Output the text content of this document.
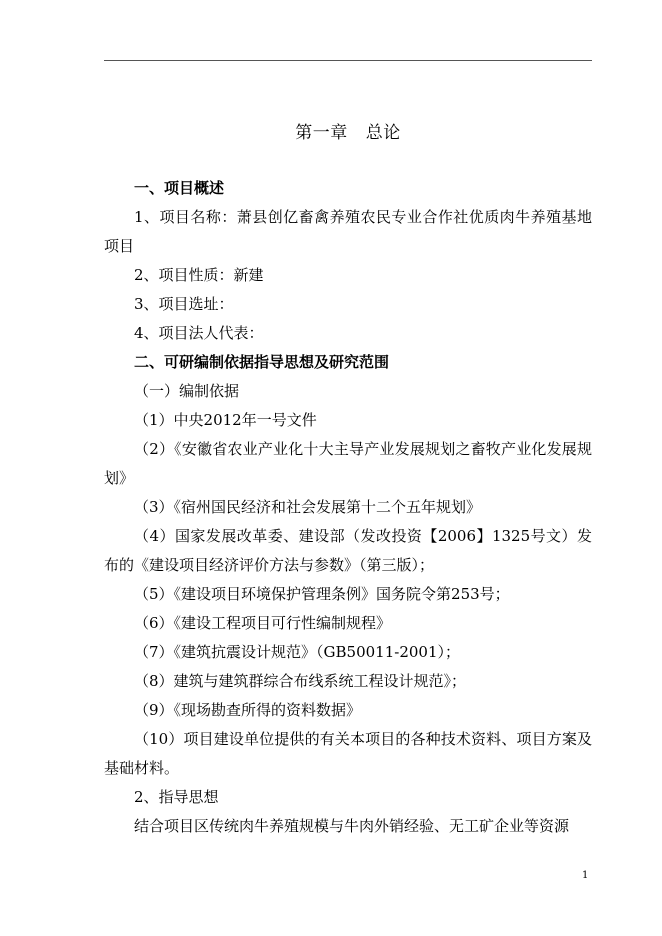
第一章 总论

一、项目概述

1、项目名称：萧县创亿畜禽养殖农民专业合作社优质肉牛养殖基地项目

2、项目性质：新建

3、项目选址：

4、项目法人代表：

二、可研编制依据指导思想及研究范围

（一）编制依据

（1）中央2012年一号文件

（2）《安徽省农业产业化十大主导产业发展规划之畜牧产业化发展规划》

（3）《宿州国民经济和社会发展第十二个五年规划》

（4）国家发展改革委、建设部（发改投资【2006】1325号文）发布的《建设项目经济评价方法与参数》（第三版）；

（5）《建设项目环境保护管理条例》国务院令第253号；

（6）《建设工程项目可行性编制规程》

（7）《建筑抗震设计规范》（GB50011-2001）；

（8）建筑与建筑群综合布线系统工程设计规范》；

（9）《现场勘查所得的资料数据》

（10）项目建设单位提供的有关本项目的各种技术资料、项目方案及基础材料。

2、指导思想

结合项目区传统肉牛养殖规模与牛肉外销经验、无工矿企业等资源

1
